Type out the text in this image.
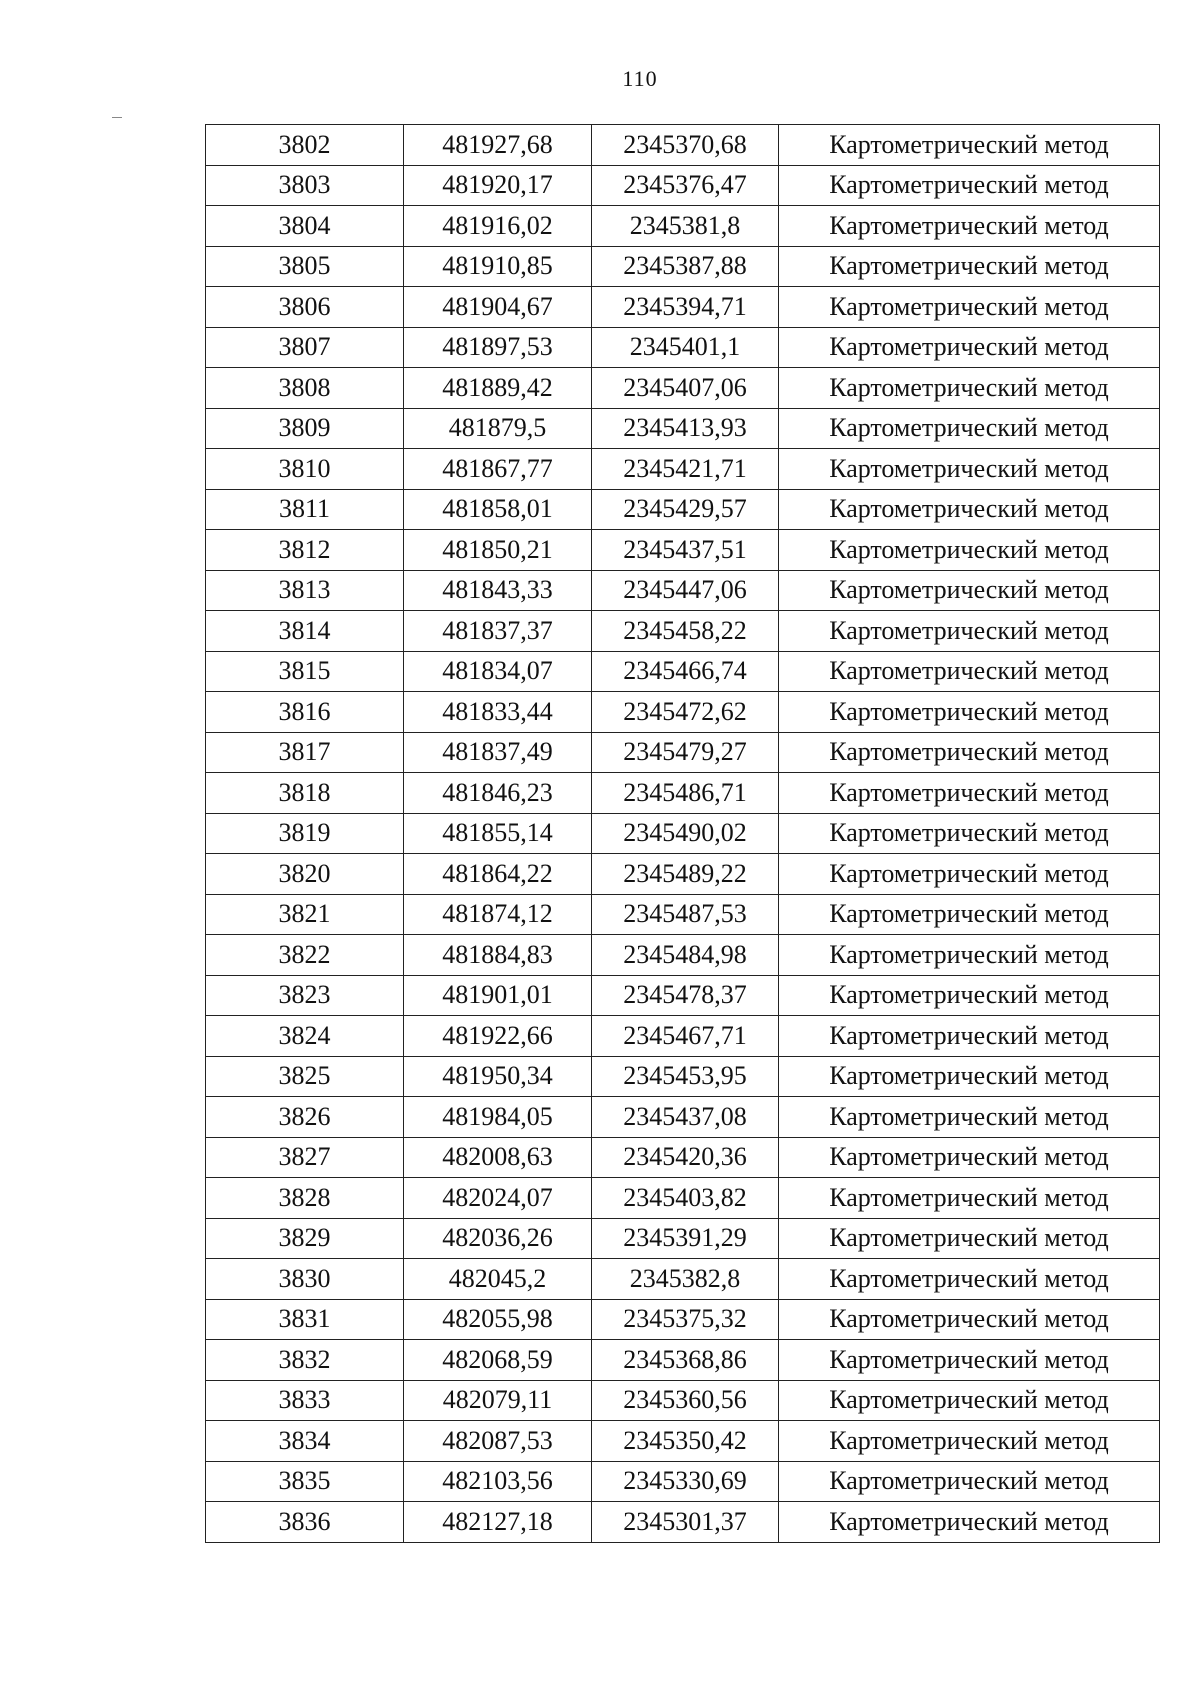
110
3802	481927,68	2345370,68	Картометрический метод
3803	481920,17	2345376,47	Картометрический метод
3804	481916,02	2345381,8	Картометрический метод
3805	481910,85	2345387,88	Картометрический метод
3806	481904,67	2345394,71	Картометрический метод
3807	481897,53	2345401,1	Картометрический метод
3808	481889,42	2345407,06	Картометрический метод
3809	481879,5	2345413,93	Картометрический метод
3810	481867,77	2345421,71	Картометрический метод
3811	481858,01	2345429,57	Картометрический метод
3812	481850,21	2345437,51	Картометрический метод
3813	481843,33	2345447,06	Картометрический метод
3814	481837,37	2345458,22	Картометрический метод
3815	481834,07	2345466,74	Картометрический метод
3816	481833,44	2345472,62	Картометрический метод
3817	481837,49	2345479,27	Картометрический метод
3818	481846,23	2345486,71	Картометрический метод
3819	481855,14	2345490,02	Картометрический метод
3820	481864,22	2345489,22	Картометрический метод
3821	481874,12	2345487,53	Картометрический метод
3822	481884,83	2345484,98	Картометрический метод
3823	481901,01	2345478,37	Картометрический метод
3824	481922,66	2345467,71	Картометрический метод
3825	481950,34	2345453,95	Картометрический метод
3826	481984,05	2345437,08	Картометрический метод
3827	482008,63	2345420,36	Картометрический метод
3828	482024,07	2345403,82	Картометрический метод
3829	482036,26	2345391,29	Картометрический метод
3830	482045,2	2345382,8	Картометрический метод
3831	482055,98	2345375,32	Картометрический метод
3832	482068,59	2345368,86	Картометрический метод
3833	482079,11	2345360,56	Картометрический метод
3834	482087,53	2345350,42	Картометрический метод
3835	482103,56	2345330,69	Картометрический метод
3836	482127,18	2345301,37	Картометрический метод
